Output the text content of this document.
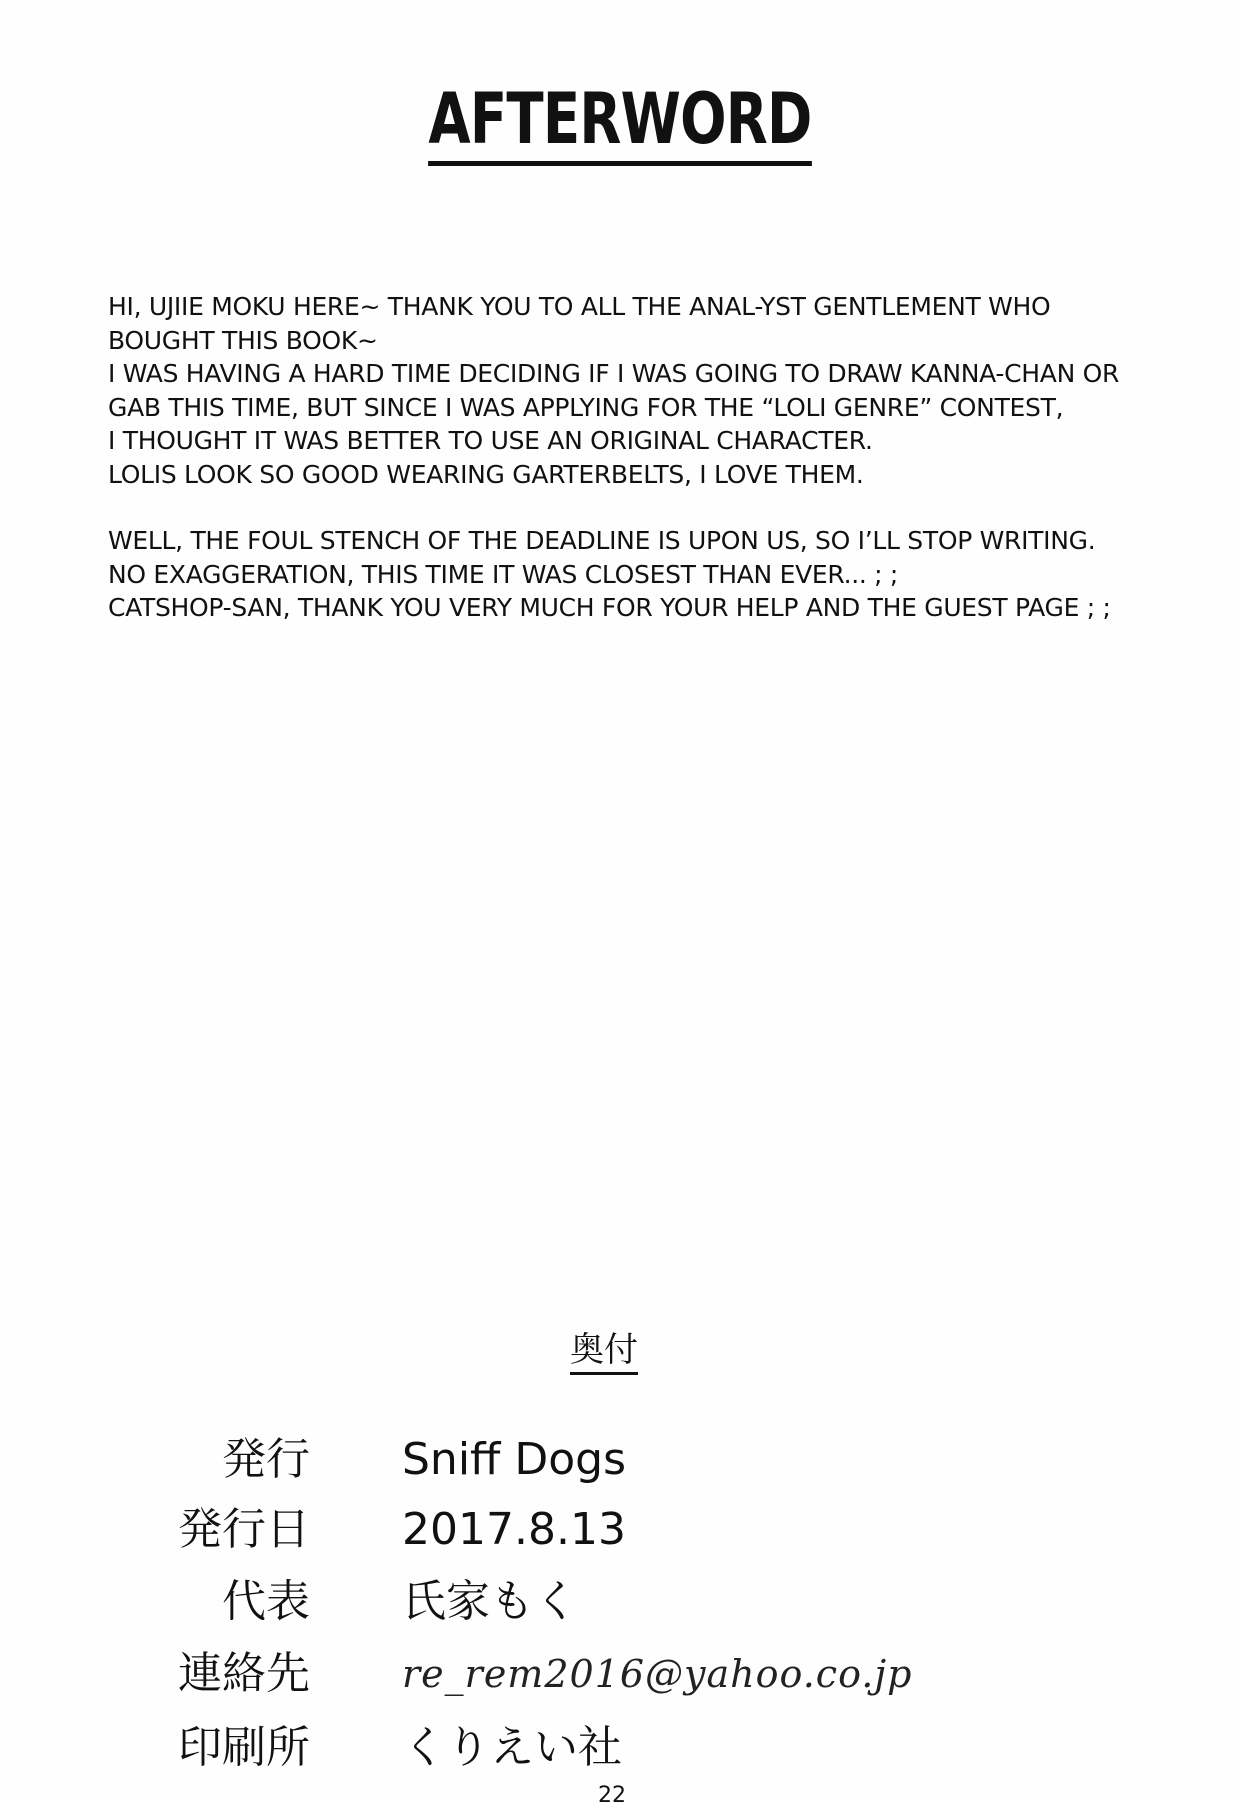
AFTERWORD

HI, UJIIE MOKU HERE~ THANK YOU TO ALL THE ANAL-YST GENTLEMENT WHO

BOUGHT THIS BOOK~

I WAS HAVING A HARD TIME DECIDING IF I WAS GOING TO DRAW KANNA-CHAN OR

GAB THIS TIME, BUT SINCE I WAS APPLYING FOR THE “LOLI GENRE” CONTEST,

I THOUGHT IT WAS BETTER TO USE AN ORIGINAL CHARACTER.

LOLIS LOOK SO GOOD WEARING GARTERBELTS, I LOVE THEM.

WELL, THE FOUL STENCH OF THE DEADLINE IS UPON US, SO I’LL STOP WRITING.

NO EXAGGERATION, THIS TIME IT WAS CLOSEST THAN EVER... ; ;

CATSHOP-SAN, THANK YOU VERY MUCH FOR YOUR HELP AND THE GUEST PAGE ; ;

奥付
発行 Sniff Dogs
発行日 2017.8.13
代表 氏家もく
連絡先 re_rem2016@yahoo.co.jp
印刷所 くりえい社
22
